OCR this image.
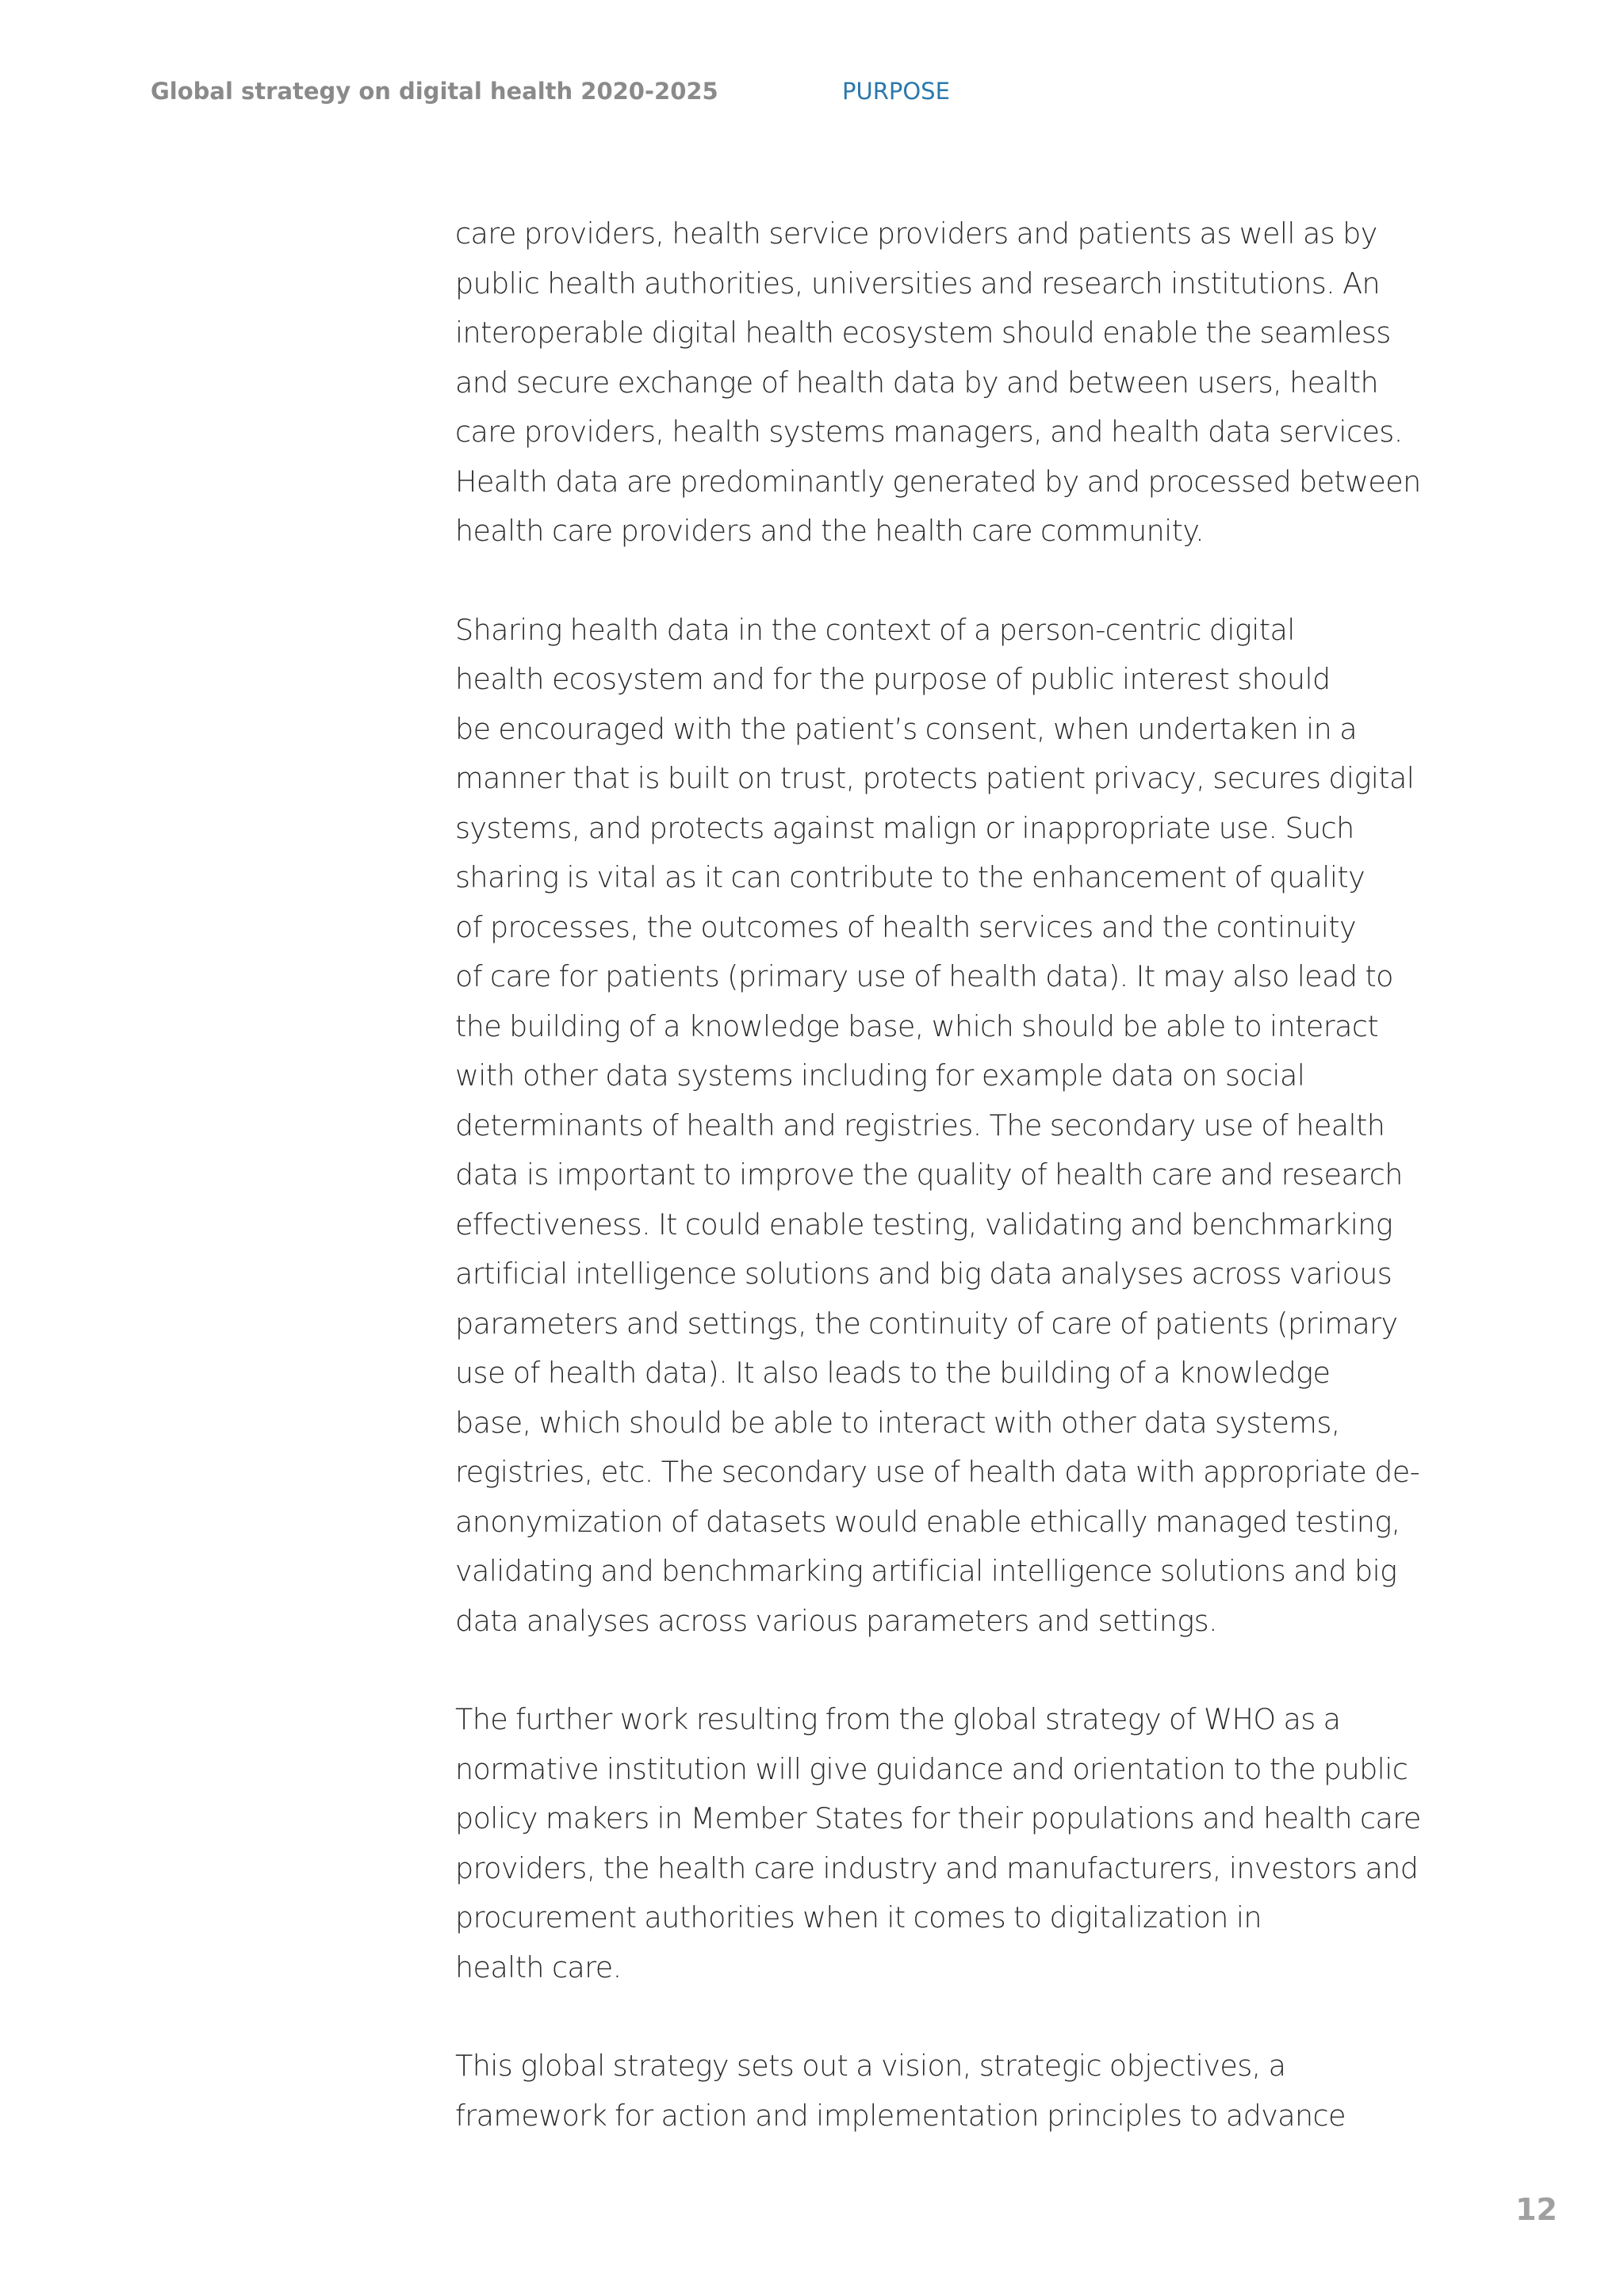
Global strategy on digital health 2020-2025	PURPOSE

care providers, health service providers and patients as well as by
public health authorities, universities and research institutions. An
interoperable digital health ecosystem should enable the seamless
and secure exchange of health data by and between users, health
care providers, health systems managers, and health data services.
Health data are predominantly generated by and processed between
health care providers and the health care community.

Sharing health data in the context of a person-centric digital
health ecosystem and for the purpose of public interest should
be encouraged with the patient’s consent, when undertaken in a
manner that is built on trust, protects patient privacy, secures digital
systems, and protects against malign or inappropriate use. Such
sharing is vital as it can contribute to the enhancement of quality
of processes, the outcomes of health services and the continuity
of care for patients (primary use of health data). It may also lead to
the building of a knowledge base, which should be able to interact
with other data systems including for example data on social
determinants of health and registries. The secondary use of health
data is important to improve the quality of health care and research
effectiveness. It could enable testing, validating and benchmarking
artificial intelligence solutions and big data analyses across various
parameters and settings, the continuity of care of patients (primary
use of health data). It also leads to the building of a knowledge
base, which should be able to interact with other data systems,
registries, etc. The secondary use of health data with appropriate de-
anonymization of datasets would enable ethically managed testing,
validating and benchmarking artificial intelligence solutions and big
data analyses across various parameters and settings.

The further work resulting from the global strategy of WHO as a
normative institution will give guidance and orientation to the public
policy makers in Member States for their populations and health care
providers, the health care industry and manufacturers, investors and
procurement authorities when it comes to digitalization in
health care.

This global strategy sets out a vision, strategic objectives, a
framework for action and implementation principles to advance

12
